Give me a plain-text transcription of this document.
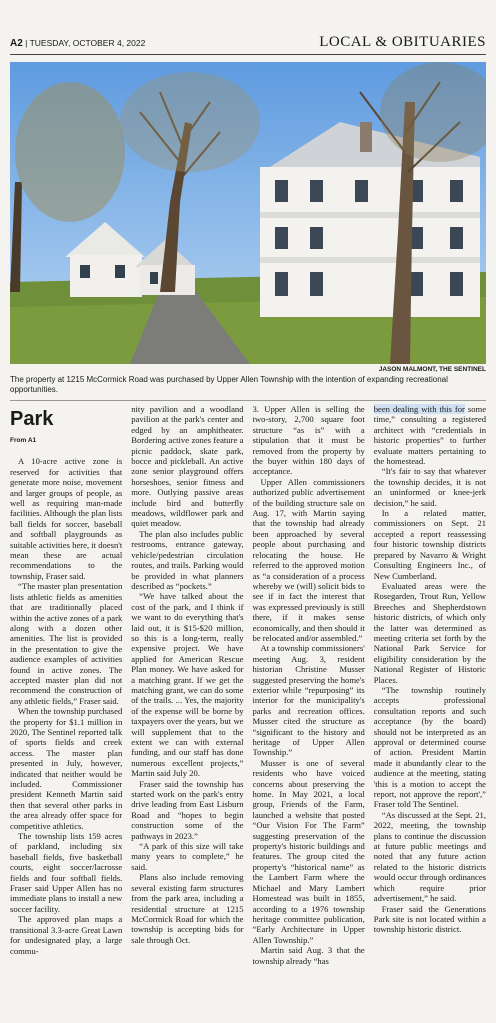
A2 | TUESDAY, OCTOBER 4, 2022	LOCAL & OBITUARIES
JASON MALMONT, THE SENTINEL
The property at 1215 McCormick Road was purchased by Upper Allen Township with the intention of expanding recreational opportunities.
Park
From A1

A 10-acre active zone is reserved for activities that generate more noise, movement and larger groups of people, as well as requiring man-made facilities. Although the plan lists ball fields for soccer, baseball and softball playgrounds as suitable activities here, it doesn't mean these are actual recommendations to the township, Fraser said.

“The master plan presentation lists athletic fields as amenities that are traditionally placed within the active zones of a park along with a dozen other amenities. The list is provided in the presentation to give the audience examples of activities found in active zones. The accepted master plan did not recommend the construction of any athletic fields,” Fraser said.

When the township purchased the property for $1.1 million in 2020, The Sentinel reported talk of sports fields and creek access. The master plan presented in July, however, indicated that neither would be included. Commissioner president Kenneth Martin said then that several other parks in the area already offer space for competitive athletics.

The township lists 159 acres of parkland, including six baseball fields, five basketball courts, eight soccer/lacrosse fields and four softball fields. Fraser said Upper Allen has no immediate plans to install a new soccer facility.

The approved plan maps a transitional 3.3-acre Great Lawn for undesignated play, a large commu-

nity pavilion and a woodland pavilion at the park's center and edged by an amphitheater. Bordering active zones feature a picnic paddock, skate park, bocce and pickleball. An active zone senior playground offers horseshoes, senior fitness and more. Outlying passive areas include bird and butterfly meadows, wildflower park and quiet meadow.

The plan also includes public restrooms, entrance gateway, vehicle/pedestrian circulation routes, and trails. Parking would be provided in what planners described as “pockets.”

“We have talked about the cost of the park, and I think if we want to do everything that's laid out, it is $15-$20 million, so this is a long-term, really expensive project. We have applied for American Rescue Plan money. We have asked for a matching grant. If we get the matching grant, we can do some of the trails. ... Yes, the majority of the expense will be borne by taxpayers over the years, but we will supplement that to the extent we can with external funding, and our staff has done numerous excellent projects,” Martin said July 20.

Fraser said the township has started work on the park's entry drive leading from East Lisburn Road and “hopes to begin construction some of the pathways in 2023.”

“A park of this size will take many years to complete,” he said.

Plans also include removing several existing farm structures from the park area, including a residential structure at 1215 McCormick Road for which the township is accepting bids for sale through Oct.

3. Upper Allen is selling the two-story, 2,700 square foot structure “as is” with a stipulation that it must be removed from the property by the buyer within 180 days of acceptance.

Upper Allen commissioners authorized public advertisement of the building structure sale on Aug. 17, with Martin saying that the township had already been approached by several people about purchasing and relocating the house. He referred to the approved motion as “a consideration of a process whereby we (will) solicit bids to see if in fact the interest that was expressed previously is still there, if it makes sense economically, and then should it be relocated and/or assembled.”

At a township commissioners' meeting Aug. 3, resident historian Christine Musser suggested preserving the home's exterior while “repurposing” its interior for the municipality's parks and recreation offices. Musser cited the structure as “significant to the history and heritage of Upper Allen Township.”

Musser is one of several residents who have voiced concerns about preserving the home. In May 2021, a local group, Friends of the Farm, launched a website that posted “Our Vision For The Farm” suggesting preservation of the property's historic buildings and features. The group cited the property's “historical name” as the Lambert Farm where the Michael and Mary Lambert Homestead was built in 1855, according to a 1976 township heritage committee publication, “Early Architecture in Upper Allen Township.”

Martin said Aug. 3 that the township already “has

been dealing with this for some time,” consulting a registered architect with “credentials in historic properties” to further evaluate matters pertaining to the homestead.

“It's fair to say that whatever the township decides, it is not an uninformed or knee-jerk decision,” he said.

In a related matter, commissioners on Sept. 21 accepted a report reassessing four historic township districts prepared by Navarro & Wright Consulting Engineers Inc., of New Cumberland.

Evaluated areas were the Rosegarden, Trout Run, Yellow Breeches and Shepherdstown historic districts, of which only the latter was determined as meeting criteria set forth by the National Park Service for eligibility consideration by the National Register of Historic Places.

“The township routinely accepts professional consultation reports and such acceptance (by the board) should not be interpreted as an approval or determined course of action. President Martin made it abundantly clear to the audience at the meeting, stating 'this is a motion to accept the report, not approve the report',” Fraser told The Sentinel.

“As discussed at the Sept. 21, 2022, meeting, the township plans to continue the discussion at future public meetings and noted that any future action related to the historic districts would occur through ordinances which require prior advertisement,” he said.

Fraser said the Generations Park site is not located within a township historic district.
